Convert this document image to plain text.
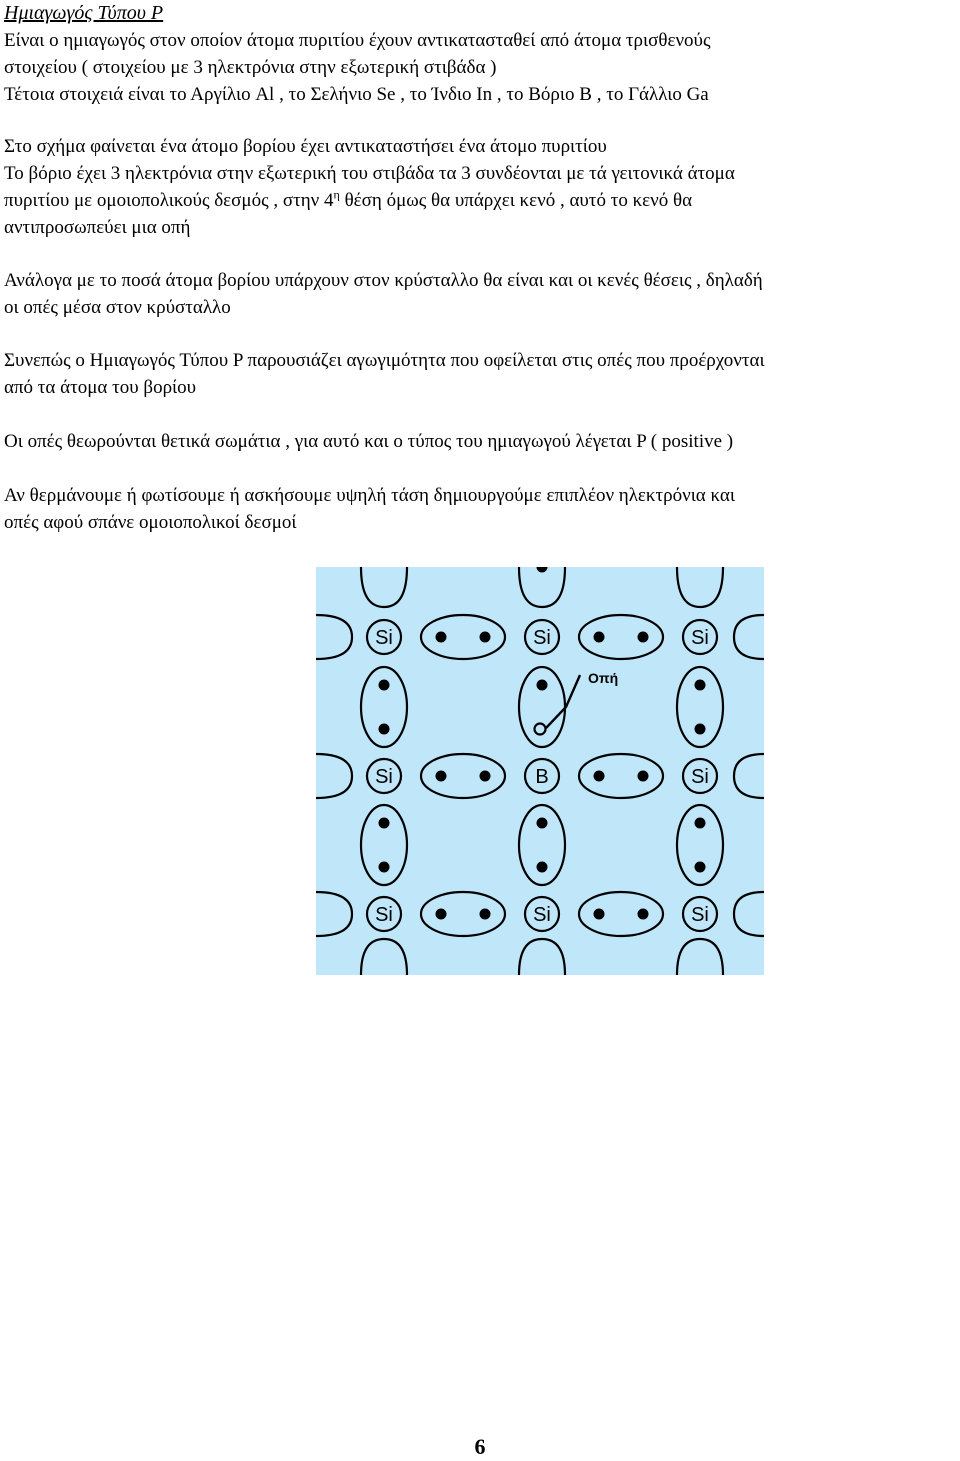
Ημιαγωγός Τύπου P

Είναι ο ημιαγωγός στον οποίον άτομα πυριτίου έχουν αντικατασταθεί από άτομα τρισθενούς

στοιχείου ( στοιχείου με 3 ηλεκτρόνια στην εξωτερική στιβάδα )

Τέτοια στοιχειά είναι το Αργίλιο Al , το Σελήνιο Se , το Ίνδιο In , το Βόριο B , το Γάλλιο Ga

Στο σχήμα φαίνεται ένα άτομο βορίου έχει αντικαταστήσει ένα άτομο πυριτίου

Το βόριο έχει 3 ηλεκτρόνια στην εξωτερική του στιβάδα τα 3 συνδέονται με τά γειτονικά άτομα

πυριτίου με ομοιοπολικούς δεσμός , στην $4^\eta$ θέση όμως θα υπάρχει κενό , αυτό το κενό θα

αντιπροσωπεύει μια οπή

Ανάλογα με το ποσά άτομα βορίου υπάρχουν στον κρύσταλλο θα είναι και οι κενές θέσεις , δηλαδή

οι οπές μέσα στον κρύσταλλο

Συνεπώς ο Ημιαγωγός Τύπου P παρουσιάζει αγωγιμότητα που οφείλεται στις οπές που προέρχονται

από τα άτομα του βορίου

Οι οπές θεωρούνται θετικά σωμάτια , για αυτό και ο τύπος του ημιαγωγού λέγεται P ( positive )

Αν θερμάνουμε ή φωτίσουμε ή ασκήσουμε υψηλή τάση δημιουργούμε επιπλέον ηλεκτρόνια και

οπές αφού σπάνε ομοιοπολικοί δεσμοί

Si	Si	Si
Si	B	Si
Si	Si	Si
Οπή
6
